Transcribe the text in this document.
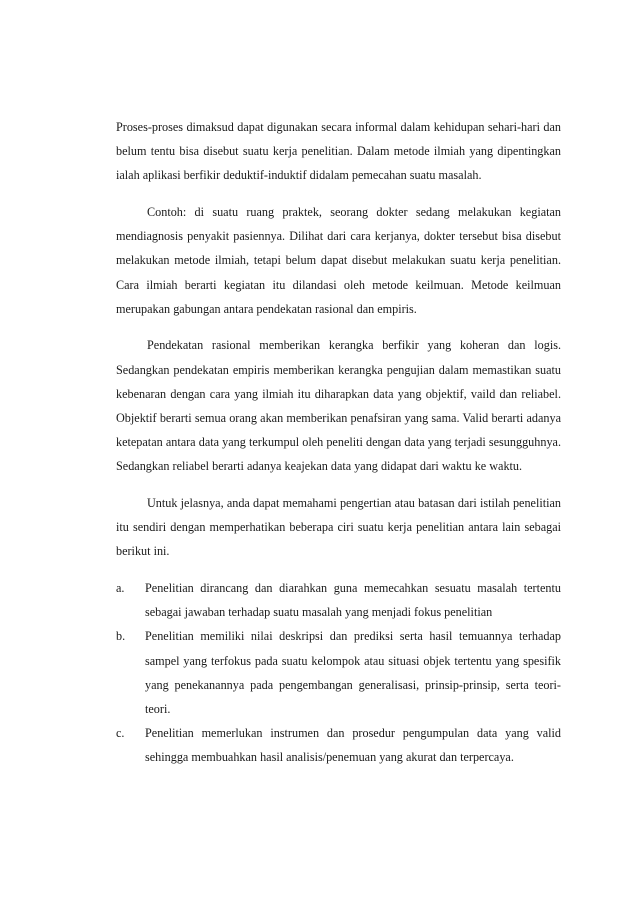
Proses-proses dimaksud dapat digunakan secara informal dalam kehidupan sehari-hari dan belum tentu bisa disebut suatu kerja penelitian. Dalam metode ilmiah yang dipentingkan ialah aplikasi berfikir deduktif-induktif didalam pemecahan suatu masalah.

Contoh: di suatu ruang praktek, seorang dokter sedang melakukan kegiatan mendiagnosis penyakit pasiennya. Dilihat dari cara kerjanya, dokter tersebut bisa disebut melakukan metode ilmiah, tetapi belum dapat disebut melakukan suatu kerja penelitian. Cara ilmiah berarti kegiatan itu dilandasi oleh metode keilmuan. Metode keilmuan merupakan gabungan antara pendekatan rasional dan empiris.

Pendekatan rasional memberikan kerangka berfikir yang koheran dan logis. Sedangkan pendekatan empiris memberikan kerangka pengujian dalam memastikan suatu kebenaran dengan cara yang ilmiah itu diharapkan data yang objektif, vaild dan reliabel. Objektif berarti semua orang akan memberikan penafsiran yang sama. Valid berarti adanya ketepatan antara data yang terkumpul oleh peneliti dengan data yang terjadi sesungguhnya. Sedangkan reliabel berarti adanya keajekan data yang didapat dari waktu ke waktu.

Untuk jelasnya, anda dapat memahami pengertian atau batasan dari istilah penelitian itu sendiri dengan memperhatikan beberapa ciri suatu kerja penelitian antara lain sebagai berikut ini.

a. Penelitian dirancang dan diarahkan guna memecahkan sesuatu masalah tertentu sebagai jawaban terhadap suatu masalah yang menjadi fokus penelitian
b. Penelitian memiliki nilai deskripsi dan prediksi serta hasil temuannya terhadap sampel yang terfokus pada suatu kelompok atau situasi objek tertentu yang spesifik yang penekanannya pada pengembangan generalisasi, prinsip-prinsip, serta teori-teori.
c. Penelitian memerlukan instrumen dan prosedur pengumpulan data yang valid sehingga membuahkan hasil analisis/penemuan yang akurat dan terpercaya.
